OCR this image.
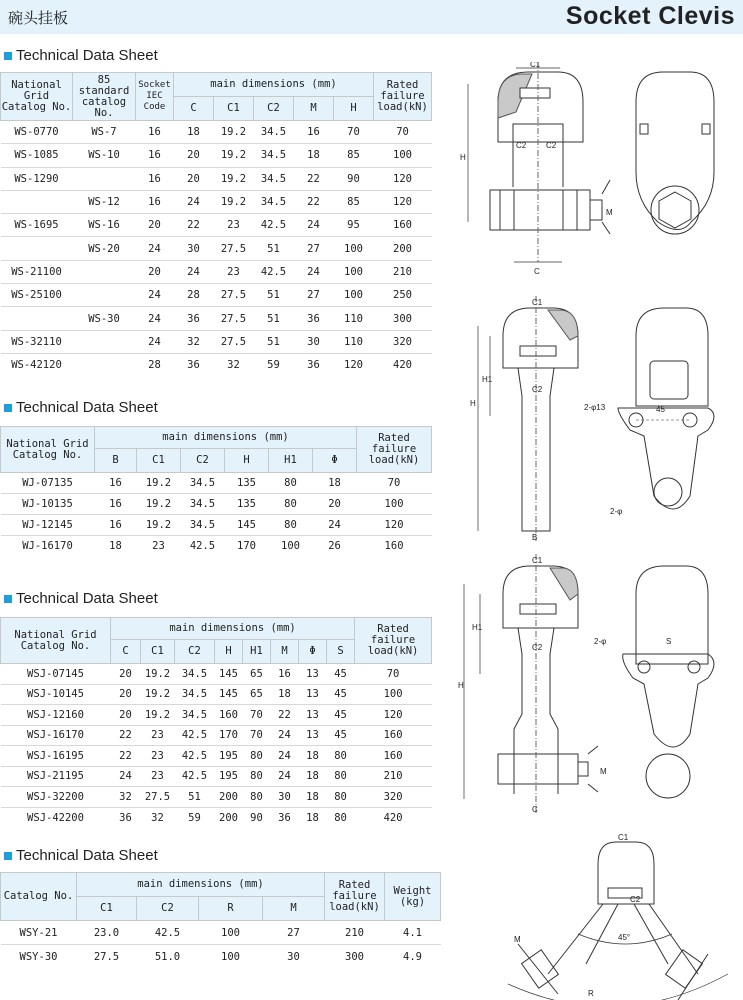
碗头挂板	Socket Clevis
Technical Data Sheet
Technical Data Sheet
Technical Data Sheet
Technical Data Sheet
National Grid Catalog No.	85 standard catalog No.	Socket IEC Code	main dimensions (mm)					Rated failure load(kN)
			C	C1	C2	M	H	
WS-0770	WS-7	16	18	19.2	34.5	16	70	70
WS-1085	WS-10	16	20	19.2	34.5	18	85	100
WS-1290		16	20	19.2	34.5	22	90	120
	WS-12	16	24	19.2	34.5	22	85	120
WS-1695	WS-16	20	22	23	42.5	24	95	160
	WS-20	24	30	27.5	51	27	100	200
WS-21100		20	24	23	42.5	24	100	210
WS-25100		24	28	27.5	51	27	100	250
	WS-30	24	36	27.5	51	36	110	300
WS-32110		24	32	27.5	51	30	110	320
WS-42120		28	36	32	59	36	120	420
National Grid Catalog No.	main dimensions (mm)						Rated failure load(kN)
	B	C1	C2	H	H1	Φ	
WJ-07135	16	19.2	34.5	135	80	18	70
WJ-10135	16	19.2	34.5	135	80	20	100
WJ-12145	16	19.2	34.5	145	80	24	120
WJ-16170	18	23	42.5	170	100	26	160
National Grid Catalog No.	main dimensions (mm)								Rated failure load(kN)
	C	C1	C2	H	H1	M	Φ	S	
WSJ-07145	20	19.2	34.5	145	65	16	13	45	70
WSJ-10145	20	19.2	34.5	145	65	18	13	45	100
WSJ-12160	20	19.2	34.5	160	70	22	13	45	120
WSJ-16170	22	23	42.5	170	70	24	13	45	160
WSJ-16195	22	23	42.5	195	80	24	18	80	160
WSJ-21195	24	23	42.5	195	80	24	18	80	210
WSJ-32200	32	27.5	51	200	80	30	18	80	320
WSJ-42200	36	32	59	200	90	36	18	80	420
Catalog No.	main dimensions (mm)				Rated failure load(kN)	Weight (kg)
	C1	C2	R	M		
WSY-21	23.0	42.5	100	27	210	4.1
WSY-30	27.5	51.0	100	30	300	4.9
C1
C2 C2
H
M
C
C1
H1
H
C2
2-φ13	45
2-φ
B
C1
H1
H
C2
2-φ	S
M
C
C1
C2
45°
M
R
